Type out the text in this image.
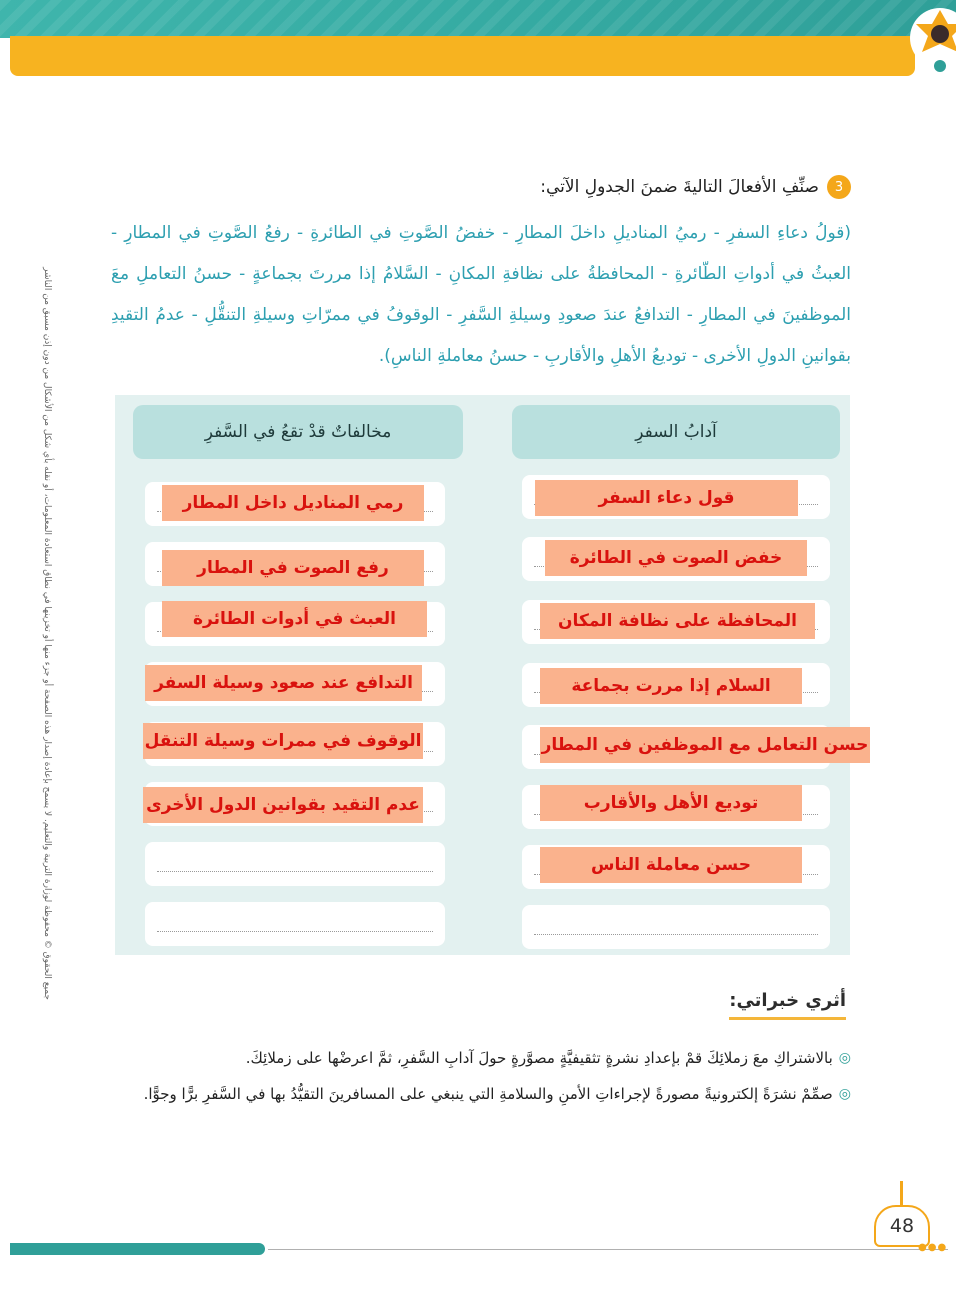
جميع الحقوق © محفوظة لوزارة التربية والتعليم. لا يسمح بإعادة إصدار هذه الصفحة أو جزء منها أو تخزينها في نطاق استعادة المعلومات، أو نقله بأي شكل من الأشكال من دون إذن مسبق من الناشر
3
صنِّفِ الأفعالَ التاليةَ ضمنَ الجدولِ الآتي:
(قولُ دعاءِ السفرِ - رميُ المناديلِ داخلَ المطارِ - خفضُ الصَّوتِ في الطائرةِ - رفعُ الصَّوتِ في المطارِ - العبثُ في أدواتِ الطّائرةِ - المحافظةُ على نظافةِ المكانِ - السَّلامُ إذا مررتَ بجماعةٍ - حسنُ التعاملِ معَ الموظفينَ في المطارِ - التدافعُ عندَ صعودِ وسيلةِ السَّفرِ - الوقوفُ في ممرّاتِ وسيلةِ التنقُّلِ - عدمُ التقيدِ بقوانينِ الدولِ الأخرى - توديعُ الأهلِ والأقاربِ - حسنُ معاملةِ الناسِ).
مخالفاتٌ قدْ تقعُ في السَّفرِ	آدابُ السفرِ
رمي المناديل داخل المطار
رفع الصوت في المطار
العبث في أدوات الطائرة
التدافع عند صعود وسيلة السفر
الوقوف في ممرات وسيلة التنقل
عدم التقيد بقوانين الدول الأخرى
قول دعاء السفر
خفض الصوت في الطائرة
المحافظة على نظافة المكان
السلام إذا مررت بجماعة
حسن التعامل مع الموظفين في المطار
توديع الأهل والأقارب
حسن معاملة الناس
أثري خبراتي:
◎
بالاشتراكِ معَ زملائِكَ قمْ بإعدادِ نشرةٍ تثقيفيَّةٍ مصوَّرةٍ حولَ آدابِ السَّفرِ، ثمَّ اعرضْها على زملائِكَ.
◎
صمِّمْ نشرَةً إلكترونيةً مصورةً لإجراءاتِ الأمنِ والسلامةِ التي ينبغي على المسافرينَ التقيُّدُ بها في السَّفرِ برًّا وجوًّا.
48
●●●
